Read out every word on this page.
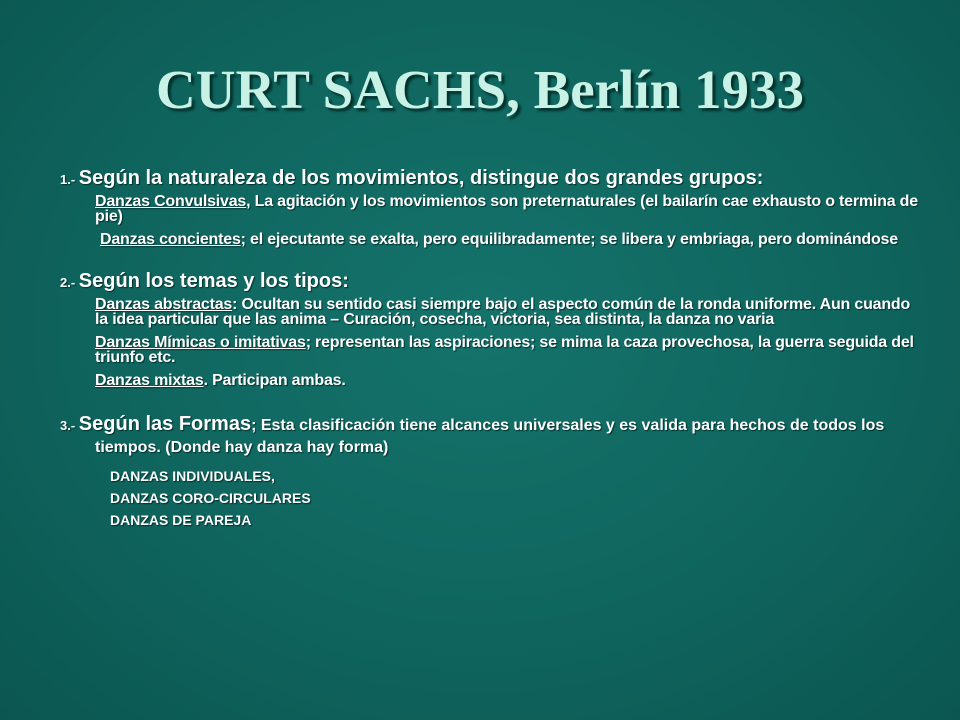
CURT SACHS, Berlín 1933

1.- Según la naturaleza de los movimientos, distingue dos grandes grupos:

Danzas Convulsivas, La agitación y los movimientos son preternaturales (el bailarín cae exhausto o termina de pie)

Danzas concientes; el ejecutante se exalta, pero equilibradamente; se libera y embriaga, pero dominándose

2.- Según los temas y los tipos:

Danzas abstractas: Ocultan su sentido casi siempre bajo el aspecto común de la ronda uniforme. Aun cuando la idea particular que las anima – Curación, cosecha, victoria, sea distinta, la danza no varia

Danzas Mímicas o imitativas; representan las aspiraciones; se mima la caza provechosa, la guerra seguida del triunfo etc.

Danzas mixtas. Participan ambas.

3.- Según las Formas; Esta clasificación tiene alcances universales y es valida para hechos de todos los tiempos. (Donde hay danza hay forma)

DANZAS INDIVIDUALES,

DANZAS CORO-CIRCULARES

DANZAS DE PAREJA
